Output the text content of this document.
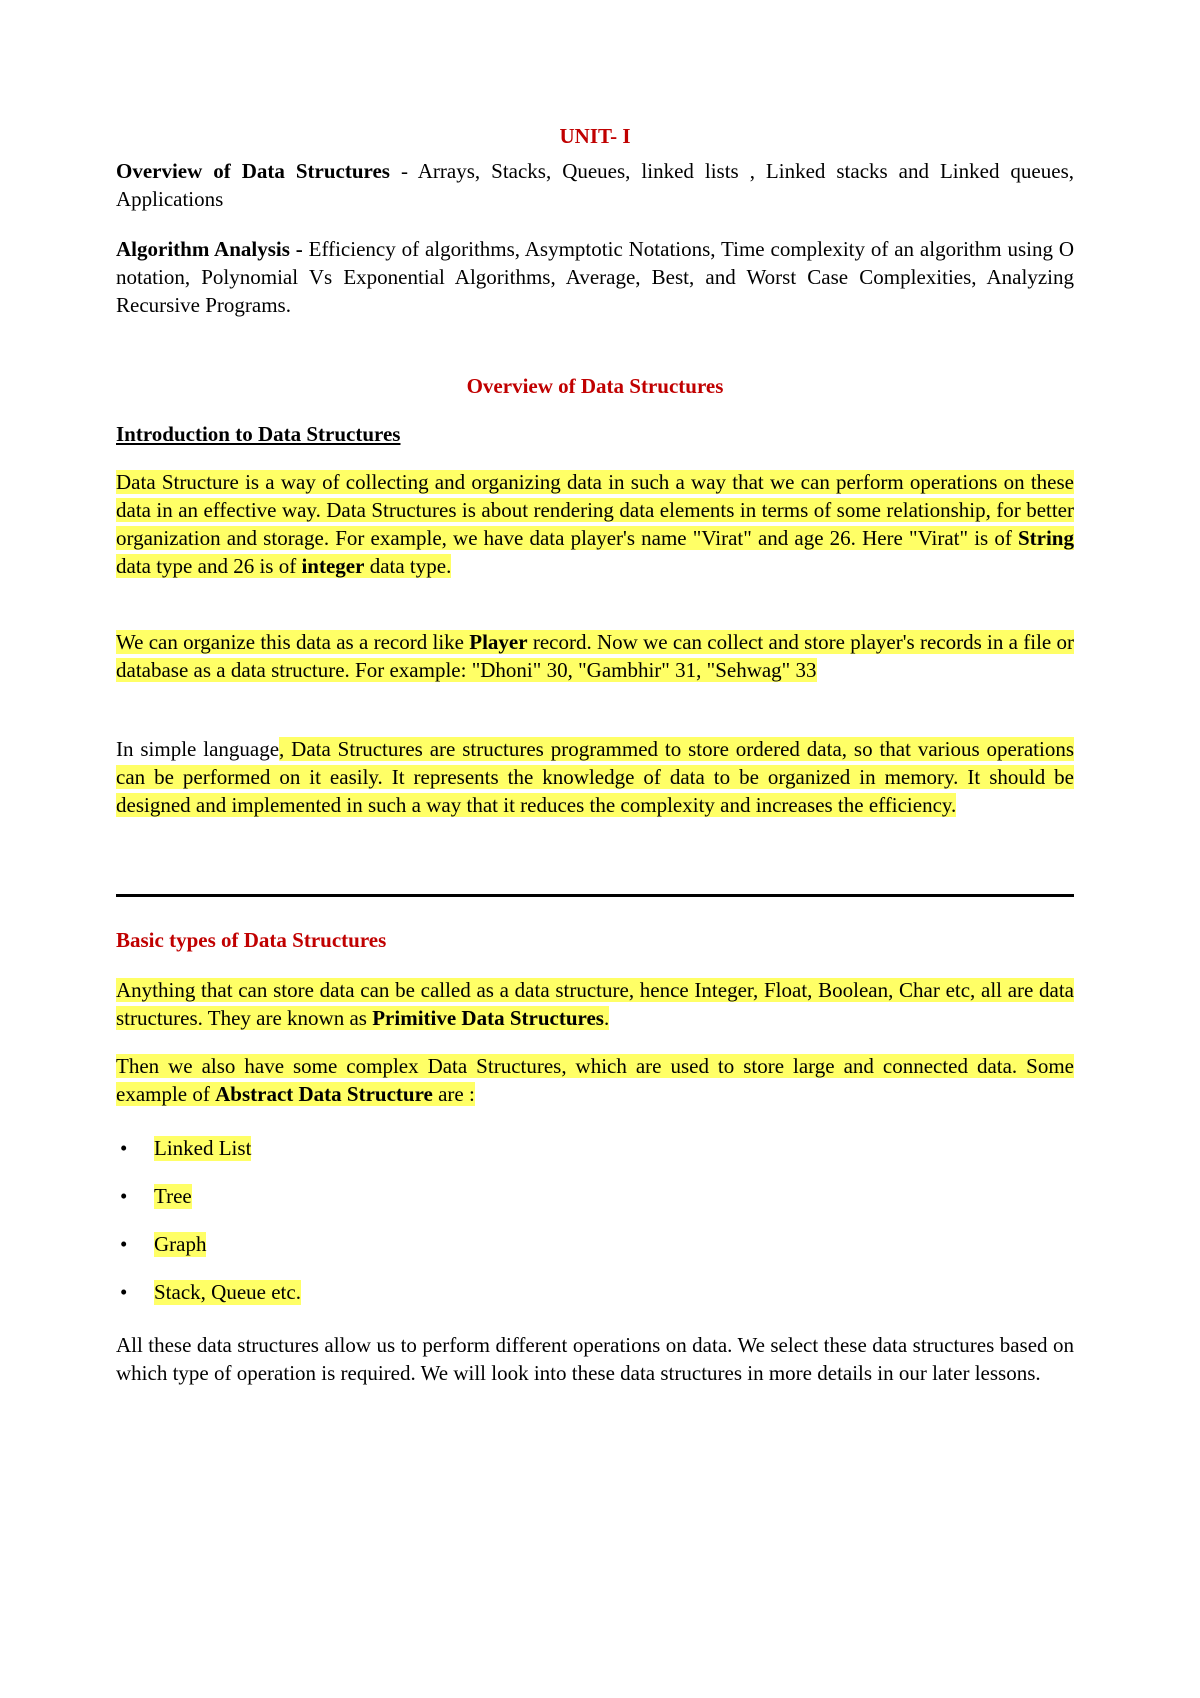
UNIT- I

Overview of Data Structures - Arrays, Stacks, Queues, linked lists , Linked stacks and Linked queues, Applications

Algorithm Analysis - Efficiency of algorithms, Asymptotic Notations, Time complexity of an algorithm using O notation, Polynomial Vs Exponential Algorithms, Average, Best, and Worst Case Complexities, Analyzing Recursive Programs.

Overview of Data Structures
Introduction to Data Structures

Data Structure is a way of collecting and organizing data in such a way that we can perform operations on these data in an effective way. Data Structures is about rendering data elements in terms of some relationship, for better organization and storage. For example, we have data player's name "Virat" and age 26. Here "Virat" is of String data type and 26 is of integer data type.

We can organize this data as a record like Player record. Now we can collect and store player's records in a file or database as a data structure. For example: "Dhoni" 30, "Gambhir" 31, "Sehwag" 33

In simple language, Data Structures are structures programmed to store ordered data, so that various operations can be performed on it easily. It represents the knowledge of data to be organized in memory. It should be designed and implemented in such a way that it reduces the complexity and increases the efficiency.

Basic types of Data Structures

Anything that can store data can be called as a data structure, hence Integer, Float, Boolean, Char etc, all are data structures. They are known as Primitive Data Structures.

Then we also have some complex Data Structures, which are used to store large and connected data. Some example of Abstract Data Structure are :

•	Linked List
•	Tree
•	Graph
•	Stack, Queue etc.

All these data structures allow us to perform different operations on data. We select these data structures based on which type of operation is required. We will look into these data structures in more details in our later lessons.
